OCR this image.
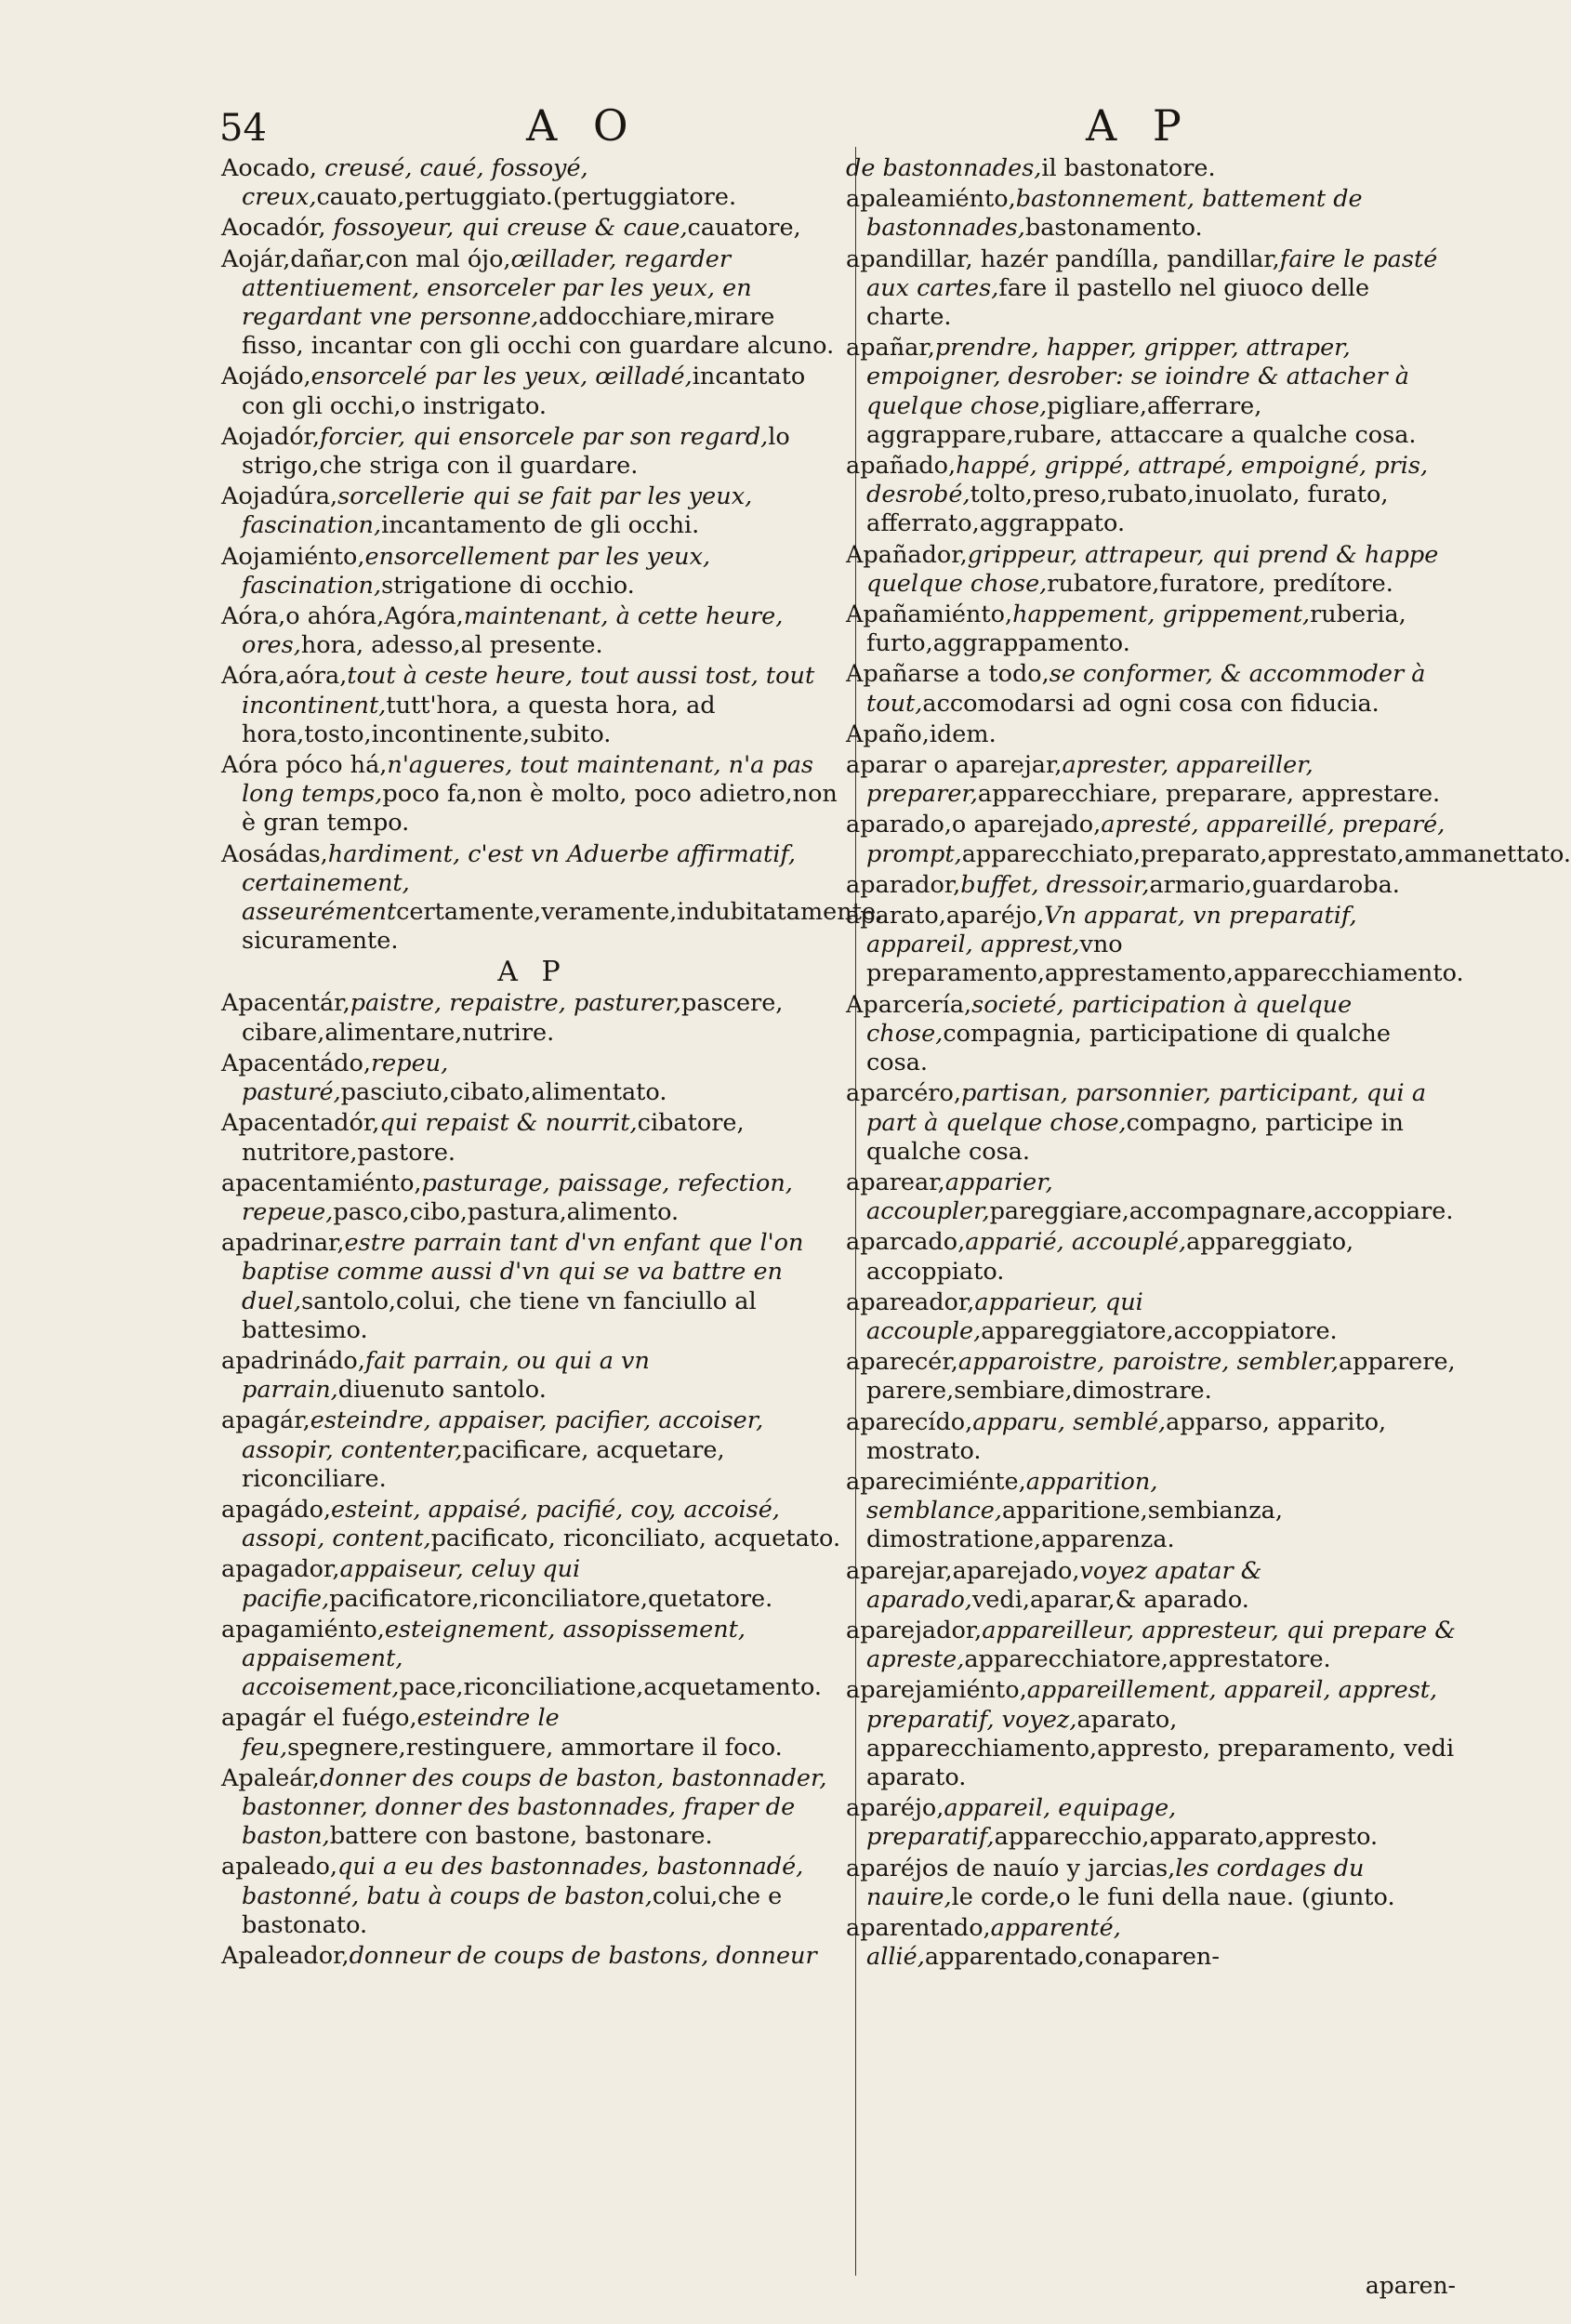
54	A O	A P
Aocado, creusé, caué, fossoyé, creux,cauato,pertuggiato.(pertuggiatore.
Aocadór, fossoyeur, qui creuse & caue,cauatore,
Aojár,dañar,con mal ójo,œillader, regarder attentiuement, ensorceler par les yeux, en regardant vne personne,addocchiare,mirare fisso, incantar con gli occhi con guardare alcuno.
Aojádo,ensorcelé par les yeux, œilladé,incantato con gli occhi,o instrigato.
Aojadór,forcier, qui ensorcele par son regard,lo strigo,che striga con il guardare.
Aojadúra,sorcellerie qui se fait par les yeux, fascination,incantamento de gli occhi.
Aojamiénto,ensorcellement par les yeux, fascination,strigatione di occhio.
Aóra,o ahóra,Agóra,maintenant, à cette heure, ores,hora, adesso,al presente.
Aóra,aóra,tout à ceste heure, tout aussi tost, tout incontinent,tutt'hora, a questa hora, ad hora,tosto,incontinente,subito.
Aóra póco há,n'agueres, tout maintenant, n'a pas long temps,poco fa,non è molto, poco adietro,non è gran tempo.
Aosádas,hardiment, c'est vn Aduerbe affirmatif, certainement, asseurémentcertamente,veramente,indubitatamente, sicuramente.
A P
Apacentár,paistre, repaistre, pasturer,pascere, cibare,alimentare,nutrire.
Apacentádo,repeu, pasturé,pasciuto,cibato,alimentato.
Apacentadór,qui repaist & nourrit,cibatore, nutritore,pastore.
apacentamiénto,pasturage, paissage, refection, repeue,pasco,cibo,pastura,alimento.
apadrinar,estre parrain tant d'vn enfant que l'on baptise comme aussi d'vn qui se va battre en duel,santolo,colui, che tiene vn fanciullo al battesimo.
apadrinádo,fait parrain, ou qui a vn parrain,diuenuto santolo.
apagár,esteindre, appaiser, pacifier, accoiser, assopir, contenter,pacificare, acquetare, riconciliare.
apagádo,esteint, appaisé, pacifié, coy, accoisé, assopi, content,pacificato, riconciliato, acquetato.
apagador,appaiseur, celuy qui pacifie,pacificatore,riconciliatore,quetatore.
apagamiénto,esteignement, assopissement, appaisement, accoisement,pace,riconciliatione,acquetamento.
apagár el fuégo,esteindre le feu,spegnere,restinguere, ammortare il foco.
Apaleár,donner des coups de baston, bastonnader, bastonner, donner des bastonnades, fraper de baston,battere con bastone, bastonare.
apaleado,qui a eu des bastonnades, bastonnadé, bastonné, batu à coups de baston,colui,che e bastonato.
Apaleador,donneur de coups de bastons, donneur
de bastonnades,il bastonatore.
apaleamiénto,bastonnement, battement de bastonnades,bastonamento.
apandillar, hazér pandílla, pandillar,faire le pasté aux cartes,fare il pastello nel giuoco delle charte.
apañar,prendre, happer, gripper, attraper, empoigner, desrober: se ioindre & attacher à quelque chose,pigliare,afferrare, aggrappare,rubare, attaccare a qualche cosa.
apañado,happé, grippé, attrapé, empoigné, pris, desrobé,tolto,preso,rubato,inuolato, furato, afferrato,aggrappato.
Apañador,grippeur, attrapeur, qui prend & happe quelque chose,rubatore,furatore, predítore.
Apañamiénto,happement, grippement,ruberia, furto,aggrappamento.
Apañarse a todo,se conformer, & accommoder à tout,accomodarsi ad ogni cosa con fiducia.
Apaño,idem.
aparar o aparejar,aprester, appareiller, preparer,apparecchiare, preparare, apprestare.
aparado,o aparejado,apresté, appareillé, preparé, prompt,apparecchiato,preparato,apprestato,ammanettato.
aparador,buffet, dressoir,armario,guardaroba.
aparato,aparéjo,Vn apparat, vn preparatif, appareil, apprest,vno preparamento,apprestamento,apparecchiamento.
Aparcería,societé, participation à quelque chose,compagnia, participatione di qualche cosa.
aparcéro,partisan, parsonnier, participant, qui a part à quelque chose,compagno, participe in qualche cosa.
aparear,apparier, accoupler,pareggiare,accompagnare,accoppiare.
aparcado,apparié, accouplé,appareggiato, accoppiato.
apareador,apparieur, qui accouple,appareggiatore,accoppiatore.
aparecér,apparoistre, paroistre, sembler,apparere, parere,sembiare,dimostrare.
aparecído,apparu, semblé,apparso, apparito, mostrato.
aparecimiénte,apparition, semblance,apparitione,sembianza, dimostratione,apparenza.
aparejar,aparejado,voyez apatar & aparado,vedi,aparar,& aparado.
aparejador,appareilleur, appresteur, qui prepare & apreste,apparecchiatore,apprestatore.
aparejamiénto,appareillement, appareil, apprest, preparatif, voyez,aparato, apparecchiamento,appresto, preparamento, vedi aparato.
aparéjo,appareil, equipage, preparatif,apparecchio,apparato,appresto.
aparéjos de nauío y jarcias,les cordages du nauire,le corde,o le funi della naue. (giunto.
aparentado,apparenté, allié,apparentado,conaparen-
aparen-
